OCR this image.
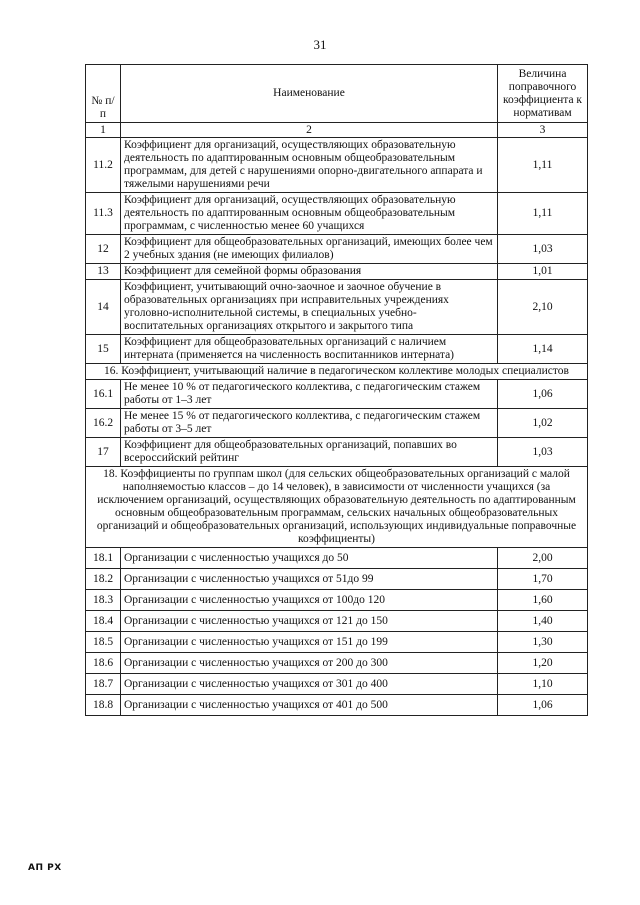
31
№ п/п	Наименование	Величина поправочного коэффициента к нормативам
1	2	3
11.2	Коэффициент для организаций, осуществляющих образовательную деятельность по адаптированным основным общеобразовательным программам, для детей с нарушениями опорно-двигательного аппарата и тяжелыми нарушениями речи	1,11
11.3	Коэффициент для организаций, осуществляющих образовательную деятельность по адаптированным основным общеобразовательным программам, с численностью менее 60 учащихся	1,11
12	Коэффициент для общеобразовательных организаций, имеющих более чем 2 учебных здания (не имеющих филиалов)	1,03
13	Коэффициент для семейной формы образования	1,01
14	Коэффициент, учитывающий очно-заочное и заочное обучение в образовательных организациях при исправительных учреждениях уголовно-исполнительной системы, в специальных учебно-воспитательных организациях открытого и закрытого типа	2,10
15	Коэффициент для общеобразовательных организаций с наличием интерната (применяется на численность воспитанников интерната)	1,14
16. Коэффициент, учитывающий наличие в педагогическом коллективе молодых специалистов		
16.1	Не менее 10 % от педагогического коллектива, с педагогическим стажем работы от 1–3 лет	1,06
16.2	Не менее 15 % от педагогического коллектива, с педагогическим стажем работы от 3–5 лет	1,02
17	Коэффициент для общеобразовательных организаций, попавших во всероссийский рейтинг	1,03
18. Коэффициенты по группам школ (для сельских общеобразовательных организаций с малой наполняемостью классов – до 14 человек), в зависимости от численности учащихся (за исключением организаций, осуществляющих образовательную деятельность по адаптированным основным общеобразовательным программам, сельских начальных общеобразовательных организаций и общеобразовательных организаций, использующих индивидуальные поправочные коэффициенты)		
18.1	Организации с численностью учащихся до 50	2,00
18.2	Организации с численностью учащихся от 51до 99	1,70
18.3	Организации с численностью учащихся от 100до 120	1,60
18.4	Организации с численностью учащихся от 121 до 150	1,40
18.5	Организации с численностью учащихся от 151 до 199	1,30
18.6	Организации с численностью учащихся от 200 до 300	1,20
18.7	Организации с численностью учащихся от 301 до 400	1,10
18.8	Организации с численностью учащихся от 401 до 500	1,06
АП РХ
